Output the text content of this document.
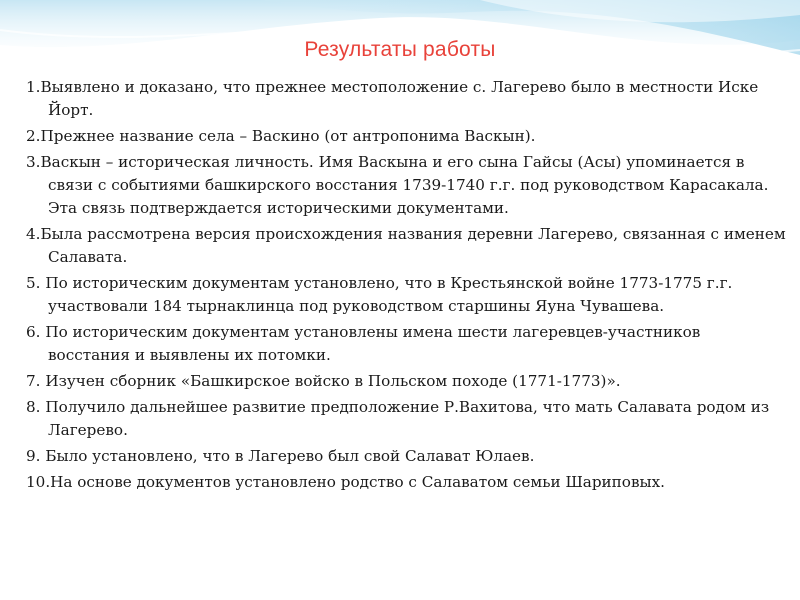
Результаты работы
1.Выявлено и доказано, что прежнее местоположение с. Лагерево было в местности Иске Йорт.
2.Прежнее название села – Васкино (от антропонима Васкын).
3.Васкын – историческая личность. Имя Васкына и его сына Гайсы (Асы) упоминается в связи с событиями башкирского восстания 1739-1740 г.г. под руководством Карасакала. Эта связь подтверждается историческими документами.
4.Была рассмотрена версия происхождения названия деревни Лагерево, связанная с именем Салавата.
5. По историческим документам установлено, что в Крестьянской войне 1773-1775 г.г. участвовали 184 тырнаклинца под руководством старшины Яуна Чувашева.
6. По историческим документам установлены имена шести лагеревцев-участников восстания и выявлены их потомки.
7. Изучен сборник «Башкирское войско в Польском походе (1771-1773)».
8. Получило дальнейшее развитие предположение Р.Вахитова, что мать Салавата родом из Лагерево.
9. Было установлено, что в Лагерево был свой Салават Юлаев.
10.На основе документов установлено родство с Салаватом семьи Шариповых.
